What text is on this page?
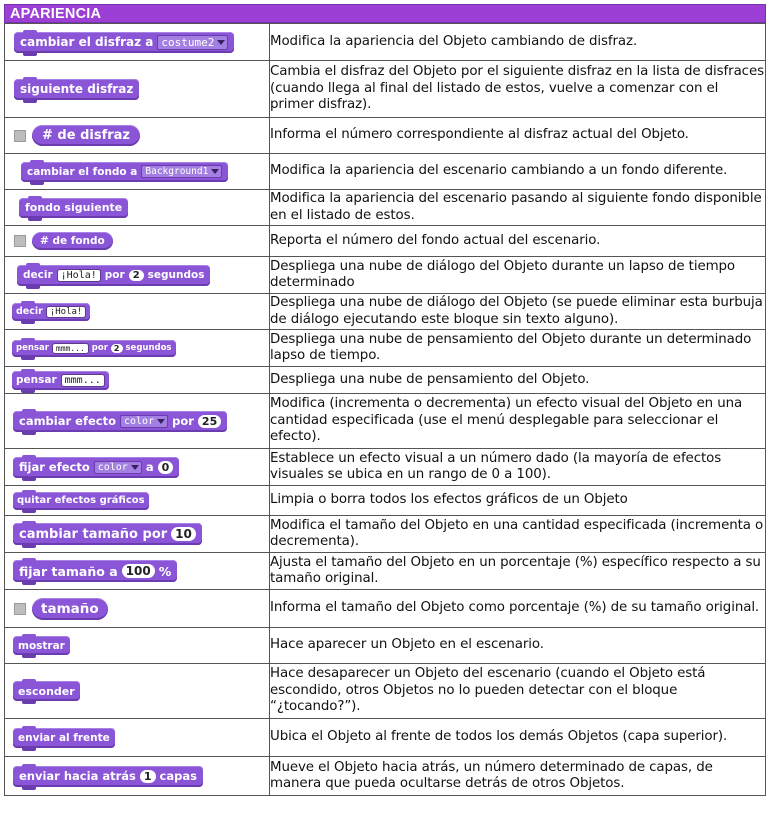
APARIENCIA
cambiar el disfraz a costume2	Modifica la apariencia del Objeto cambiando de disfraz.

siguiente disfraz	Cambia el disfraz del Objeto por el siguiente disfraz en la lista de disfraces (cuando llega al final del listado de estos, vuelve a comenzar con el primer disfraz).

# de disfraz	Informa el número correspondiente al disfraz actual del Objeto.

cambiar el fondo a Background1	Modifica la apariencia del escenario cambiando a un fondo diferente.

fondo siguiente	Modifica la apariencia del escenario pasando al siguiente fondo disponible en el listado de estos.

# de fondo	Reporta el número del fondo actual del escenario.

decir ¡Hola! por 2 segundos	Despliega una nube de diálogo del Objeto durante un lapso de tiempo determinado

decir ¡Hola!	Despliega una nube de diálogo del Objeto (se puede eliminar esta burbuja de diálogo ejecutando este bloque sin texto alguno).

pensar mmm... por 2 segundos	Despliega una nube de pensamiento del Objeto durante un determinado lapso de tiempo.

pensar mmm...	Despliega una nube de pensamiento del Objeto.

cambiar efecto color por 25	Modifica (incrementa o decrementa) un efecto visual del Objeto en una cantidad especificada (use el menú desplegable para seleccionar el efecto).

fijar efecto color a 0	Establece un efecto visual a un número dado (la mayoría de efectos visuales se ubica en un rango de 0 a 100).

quitar efectos gráficos	Limpia o borra todos los efectos gráficos de un Objeto

cambiar tamaño por 10	Modifica el tamaño del Objeto en una cantidad especificada (incrementa o decrementa).

fijar tamaño a 100 %	Ajusta el tamaño del Objeto en un porcentaje (%) específico respecto a su tamaño original.

tamaño	Informa el tamaño del Objeto como porcentaje (%) de su tamaño original.

mostrar	Hace aparecer un Objeto en el escenario.

esconder	Hace desaparecer un Objeto del escenario (cuando el Objeto está escondido, otros Objetos no lo pueden detectar con el bloque “¿tocando?”).

enviar al frente	Ubica el Objeto al frente de todos los demás Objetos (capa superior).

enviar hacia atrás 1 capas	Mueve el Objeto hacia atrás, un número determinado de capas, de manera que pueda ocultarse detrás de otros Objetos.
